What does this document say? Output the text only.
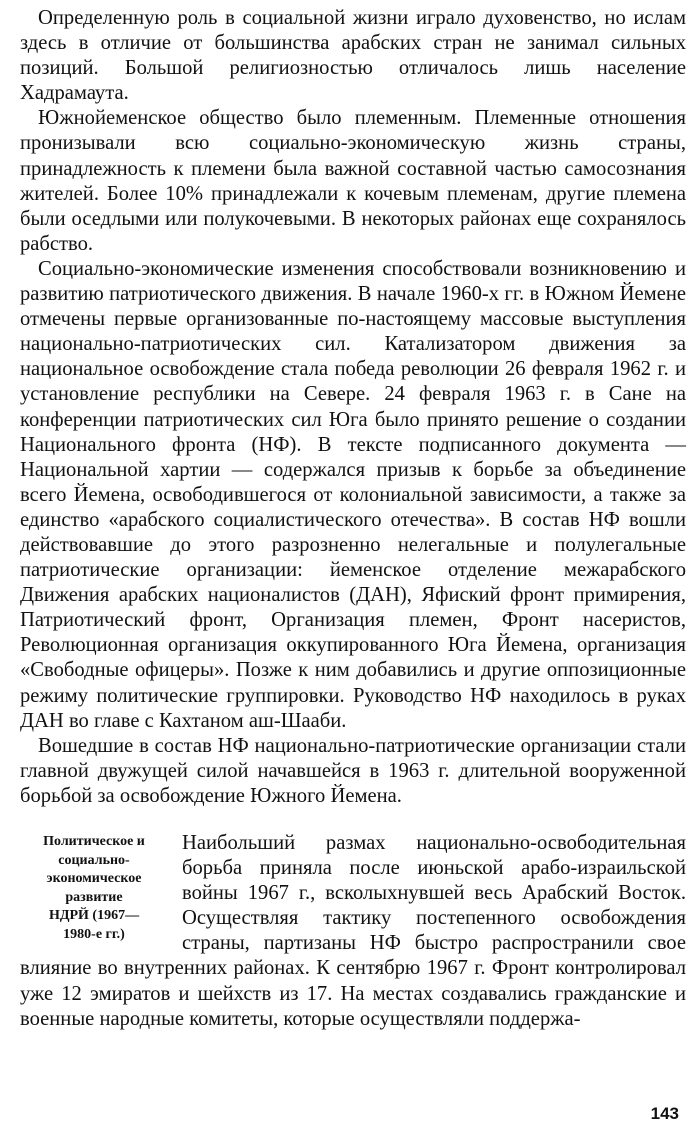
Определенную роль в социальной жизни играло духовенство, но ислам здесь в отличие от большинства арабских стран не занимал сильных позиций. Большой религиозностью отличалось лишь население Хадрамаута.

Южнойеменское общество было племенным. Племенные отношения пронизывали всю социально-экономическую жизнь страны, принадлежность к племени была важной составной частью самосознания жителей. Более 10% принадлежали к кочевым племенам, другие племена были оседлыми или полукочевыми. В некоторых районах еще сохранялось рабство.

Социально-экономические изменения способствовали возникновению и развитию патриотического движения. В начале 1960-х гг. в Южном Йемене отмечены первые организованные по-настоящему массовые выступления национально-патриотических сил. Катализатором движения за национальное освобождение стала победа революции 26 февраля 1962 г. и установление республики на Севере. 24 февраля 1963 г. в Сане на конференции патриотических сил Юга было принято решение о создании Национального фронта (НФ). В тексте подписанного документа — Национальной хартии — содержался призыв к борьбе за объединение всего Йемена, освободившегося от колониальной зависимости, а также за единство «арабского социалистического отечества». В состав НФ вошли действовавшие до этого разрозненно нелегальные и полулегальные патриотические организации: йеменское отделение межарабского Движения арабских националистов (ДАН), Яфиский фронт примирения, Патриотический фронт, Организация племен, Фронт насеристов, Революционная организация оккупированного Юга Йемена, организация «Свободные офицеры». Позже к ним добавились и другие оппозиционные режиму политические группировки. Руководство НФ находилось в руках ДАН во главе с Кахтаном аш-Шааби.

Вошедшие в состав НФ национально-патриотические организации стали главной двужущей силой начавшейся в 1963 г. длительной вооруженной борьбой за освобождение Южного Йемена.

Политическое и
социально-
экономическое
развитие
НДРЙ (1967—
1980-е гг.)

Наибольший размах национально-освободительная борьба приняла после июньской арабо-израильской войны 1967 г., всколыхнувшей весь Арабский Восток. Осуществляя тактику постепенного освобождения страны, партизаны НФ быстро распространили свое влияние во внутренних районах. К сентябрю 1967 г. Фронт контролировал уже 12 эмиратов и шейхств из 17. На местах создавались гражданские и военные народные комитеты, которые осуществляли поддержа-

143
